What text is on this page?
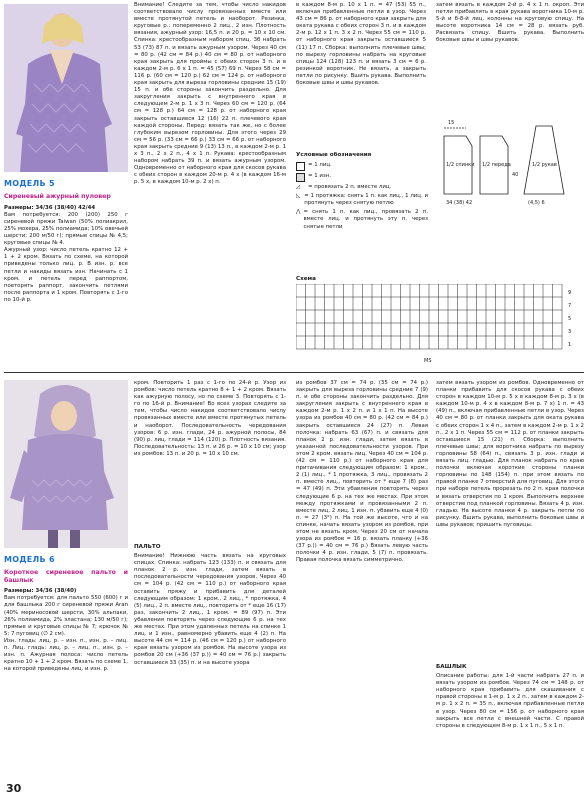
МОДЕЛЬ 5
Сиреневый ажурный пуловер

Размеры: 34/36 (38/40) 42/44

Вам потребуется: 200 (200) 250 г сиреневой пряжи Taiwan (50% полиакрил, 25% мохера, 25% полиамида; 10% овечьей шерсти; 200 м/50 г); прямые спицы № 4,5; круговые спицы № 4.

Ажурный узор: число петель кратно 12 + 1 + 2 кром. Вязать по схеме, на которой приведены только лиц. р. В изн. р. все петли и накиды вязать изн. Начинать с 1 кром. и петель перед раппортом, повторять раппорт, закончить петлями после раппорта и 1 кром. Повторять с 1-го по 10-й р.

Внимание! Следите за тем, чтобы число накидов соответствовало числу провязанных вместе или вместе протянутой петель и наоборот. Резинка, круговые р.: попеременно 2 лиц., 2 изн. Плотность вязания, ажурный узор: 16,5 п. и 20 р. = 10 х 10 см. Спинка: крестообразным набором спиц. 3б набрать 53 (73) 87 п. и вязать ажурным узором. Через 40 см = 80 р. (42 см = 84 р.) 40 см = 80 р. от наборного края закрыть для проймы с обеих сторон 3 п. и в каждом 2-м р. 6 х 1 п. = 45 (57) 69 п. Через 58 см = 116 р. (60 см = 120 р.) 62 см = 124 р. от наборного края закрыть для выреза горловины средние 15 (19) 15 п. и обе стороны закончить раздельно. Для закругления закрыть с внутреннего края в следующем 2-м р. 1 х 3 п. Через 60 см = 120 р. (64 см = 128 р.) 64 см = 128 р. от наборного края закрыть оставшиеся 12 (16) 22 п. плечевого края каждой стороны. Перед: вязать так же, но с более глубоким вырезом горловины. Для этого через 29 см = 56 р. (33 см = 66 р.) 33 см = 66 р. от наборного края закрыть средние 9 (13) 13 п., в каждом 2-м р. 1 х 3 п., 2 х 2 п., 4 х 1 п. Рукава: крестообразным набором набрать 39 п. и вязать ажурным узором. Одновременно от наборного края для скосов рукава с обеих сторон в каждом 20-м р. 4 х (в каждом 16-м р. 5 х, в каждом 10-м р. 2 х) п.

в каждом 8-м р. 10 х 1 п. = 47 (53) 55 п., включая прибавленные петли в узор. Через 43 см = 86 р. от наборного края закрыть для оката рукава с обеих сторон 3 п. и в каждом 2-м р. 12 х 1 п. 3 х 2 п. Через 55 см = 110 р. от наборного края закрыть оставшиеся 5 (11) 17 п. Сборка: выполнить плечевые швы; по вырезу горловины набрать на круговые спицы 124 (128) 123 п. и вязать 3 см = 6 р. резинкой воротник. Не вязать, а закрыть петли по рисунку. Вшить рукава. Выполнить боковые швы и швы рукавов.

затем вязать в каждом 2-й р. 4 х 1 п. окроп. Эти петли прибавлять в края рукава воротника 10-м р. 5-й и б-8-й лиц. колонны на круговую спицу. На высоте воротника 14 см = 28 р. вязать руб. Расвязать спицу. Вшить рукава. Выполнить боковые швы и швы рукавов.

1/2 спинки 1/2 переда	1/2 рукав
34 (38) 42	(4,5) 6
15
40
Условные обозначения
= 1 лиц.
= 1 изн.
◿	= провязать 2 п. вместе лиц.
◺ = 1 протяжка: снять 1 п. как лиц., 1 лиц. и протянуть через снятую петлю
⋀ = снять 1 п. как лиц., провязать 2 п. вместе лиц. и протянуть эту п. через снятые петли
Схема
9
7
5
3
1
MS
МОДЕЛЬ 6
Короткое сиреневое пальто и башлык

Размеры: 34/36 (38/40)

Вам потребуется: для пальто 550 (600) г и для башлыка 200 г сиреневой пряжи Aran (40% мериносовой шерсти, 30% альпаки, 26% полиамида, 2% эластана; 130 м/50 г); прямые и круговые спицы № 7; крючок № 5; 7 пуговиц (∅ 2 см).

Изн. гладь: лиц. р. – изн. п., изн. р. – лиц. п. Лиц. гладь: лиц. р. – лиц. п., изн. р. – изн. п. Ажурная полоса: число петель кратно 10 + 1 + 2 кром. Вязать по схеме 1, на которой приведены лиц. и изн. р.

кром. Повторить 1 раз с 1-го по 24-й р. Узор из ромбов: число петель кратно 8 + 1 + 2 кром. Вязать как ажурную полосу, но по схеме 3. Повторять с 1-го по 16-й р. Внимание! Во всех узорах следите за тем, чтобы число накидов соответствовало числу провязанных вместе или вместе протянутых петель и наоборот. Последовательность чередования узоров: 6 р. изн. глади, 24 р. ажурной полосы, 84 (90) р. лиц. глади = 114 (120) р. Плотность вязания. Последовательность: 13 п. и 26 р. = 10 х 10 см; узор из ромбов: 13 п. и 20 р. = 10 х 10 см.

ПАЛЬТО

Внимание! Нижнюю часть вязать на круговых спицах. Спинка: набрать 123 (133) п. и связать для планок 2 р. изн. глади, затем вязать в последовательности чередования узоров. Через 40 см = 104 р. (42 см = 110 р.) от наборного края оставить пряжу и прибавить для деталей следующим образом: 1 кром., 2 лиц., * протяжка, 4 (5) лиц., 2 п. вместе лиц., повторить от * еще 16 (17) раз, закончить 2 лиц., 1 кром. = 89 (97) п. Эти убавления повторять через следующие 6 р. на тех же местах. При этом удаленных петель на спинке 1 лиц. и 1 изн., равномерно убавить еще 4 (2) п. На высоте 44 см = 114 р. (46 см = 120 р.) от наборного края вязать узором из ромбов. На высоте узора из ромбов 20 см (+36 (37 р.)) = 40 см = 76 р.) закрыть оставшиеся 33 (35) п. и на высоте узора

из ромбов 37 см = 74 р. (35 см = 74 р.) закрыть для выреза горловины средние 7 (9) п. и обе стороны закончить раздельно. Для закругления закрыть с внутреннего края в каждом 2-м р. 1 х 2 п. и 1 х 1 п. На высоте узора из ромбов 40 см = 80 р. (42 см = 84 р.) закрыть оставшиеся 24 (27) п. Левая полочка: набрать 63 (67) п. и связать для планок 2 р. изн. глади, затем вязать в указанной последовательности узоров. При этом 2 кром. вязать лиц. Через 40 см = 104 р. (42 см = 110 р.) от наборного края для притачивания следующим образом: 1 кром., 2 (1) лиц., * 1 протяжка, 3 лиц., провязать 2 п. вместе лиц., повторить от * еще 7 (8) раз = 47 (49) п. Эти убавления повторять через следующие 6 р. на тех же местах. При этом между протяжками и провязанными 2 п. вместе лиц. 2 лиц. 1 изн. п. убавить еще 4 (0) п. = 27 (3°) п. На той же высоте, что и на спинке, начать вязать узором из ромбов, при этом не вязать кром. Через 20 см от начала узора из ромбов = 16 р. вязать планку (+36 (37 р.)) = 40 см = 76 р.) Вязать левую часть полочки 4 р. изн. глади, 5 (7) п. провязать. Правая полочка вязать симметрично.

затем вязать узором из ромбов. Одновременно от планки прибавить для скосов рукава с обеих сторон в каждом 10-м р. 5 х в каждом 8-м р. 3 х (в каждом 10-м р. 4 х в каждом 8-м р. 7 х) 1 п. = 43 (49) п., включая прибавленные петли в узор. Через 40 см = 80 р. от планки закрыть для оката рукава с обеих сторон 1 х 4 п., затем в каждом 2-м р. 1 х 2 п., 2 х 1 п. Через 55 см = 112 р. от планки закрыть оставшиеся 15 (21) п. Сборка: выполнить плечевые швы; для воротника набрать по вырезу горловины 58 (64) п., связать 3 р. изн. глади и вязать лиц. гладью. Для планок набрать по краю полочки включая короткие стороны планки горловины по 148 (154) п. при этом вязать по правой планке 7 отверстий для пуговиц. Для этого при наборе петель прорезать по 2 п. края полочки и вязать отверстия по 1 кром. Выполнить верхнее отверстие под планкой горловины. Вязать 4 р. изн. гладью. На высоте планки 4 р. закрыть петли по рисунку. Вшить рукава, выполнить боковые швы и швы рукавов; пришить пуговицы.

БАШЛЫК

Описание работы: для 1-й части набрать 27 п. и вязать узором из ромбов. Через 74 см = 148 р. от наборного края прибавить для скашивания с правой стороны в 1-м р. 1 х 2 п., затем в каждом 2-м р. 1 х 2 п. = 35 п., включая прибавленные петли в узор. Через 80 см = 156 р. от наборного края закрыть все петли с внешней части. С правой стороны в следующем 8-м р. 1 х 1 п., 5 х 1 п.

30
